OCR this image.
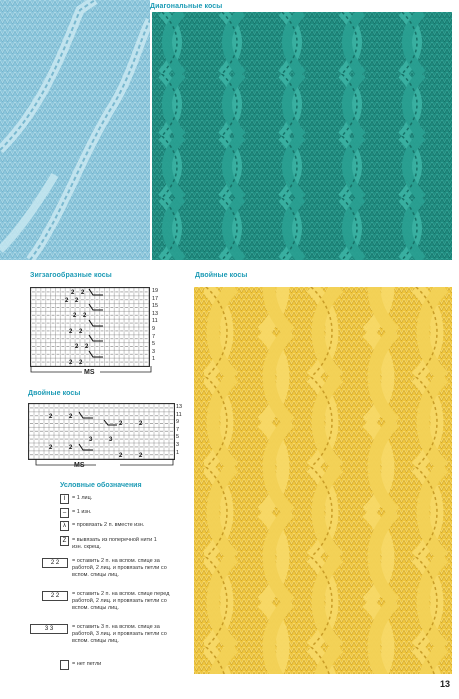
Диагональные косы
Зигзагообразные косы
2 2
2 2
2 2
2 2
2 2
2 2
19
17
15
13
11
9
7
5
3
1
MS
Двойные косы
2	2
2	2
3	3
2	2
2	2
13
11
9
7
5
3
1
MS
Условные обозначения
I	= 1 лиц.
–	= 1 изн.
λ	= провязать 2 п. вместе изн.
Z	= вывязать из поперечной нити 1 изн. скрещ.
2 2	= оставить 2 п. на вспом. спице за работой, 2 лиц. и провязать петли со вспом. спицы лиц.
2 2	= оставить 2 п. на вспом. спице перед работой, 2 лиц. и провязать петли со вспом. спицы лиц.
3 3	= оставить 3 п. на вспом. спице за работой, 3 лиц. и провязать петли со вспом. спицы лиц.
= нет петли
Двойные косы
13
